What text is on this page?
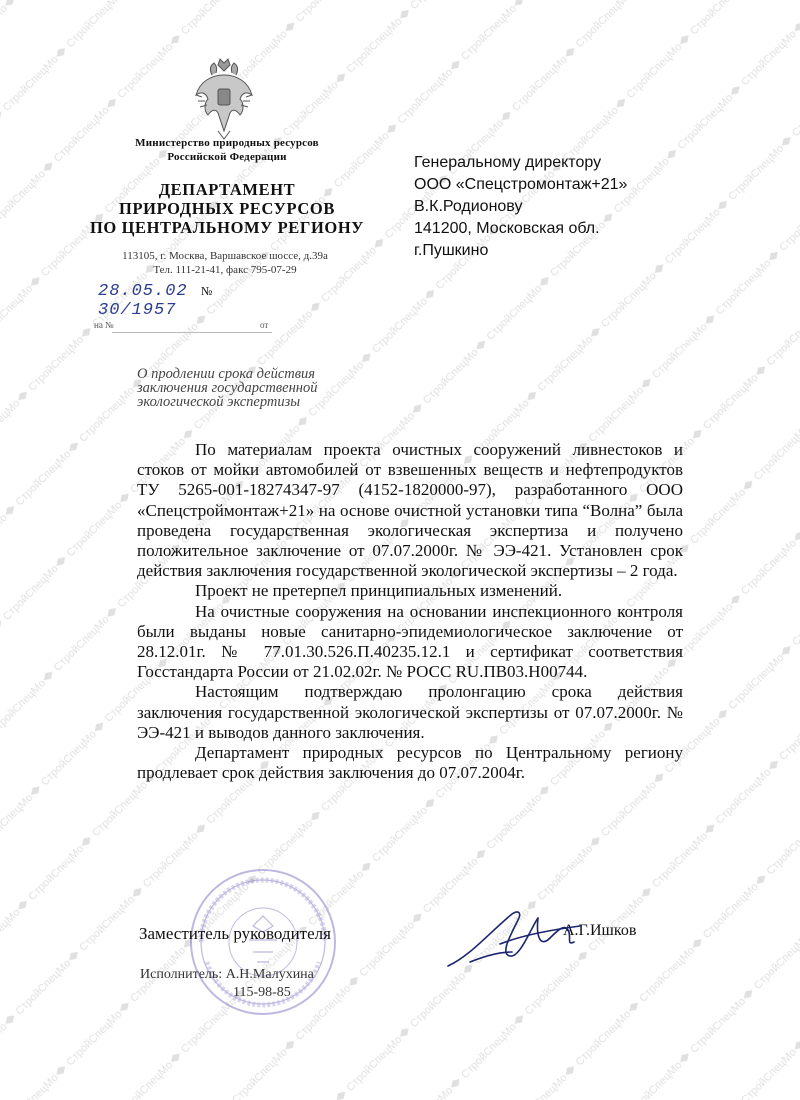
Министерство природных ресурсов
Российской Федерации
ДЕПАРТАМЕНТ
ПРИРОДНЫХ РЕСУРСОВ
ПО ЦЕНТРАЛЬНОМУ РЕГИОНУ
113105, г. Москва, Варшавское шоссе, д.39а
Тел. 111-21-41, факс 795-07-29
28.05.02 № 30/1957
на №	от
Генеральному директору
ООО «Спецстромонтаж+21»
В.К.Родионову
141200, Московская обл.
г.Пушкино
О продлении срока действия
заключения государственной
экологической экспертизы

По материалам проекта очистных сооружений ливнестоков и стоков от мойки автомобилей от взвешенных веществ и нефтепродуктов ТУ 5265-001-18274347-97 (4152-1820000-97), разработанного ООО «Спецстроймонтаж+21» на основе очистной установки типа “Волна” была проведена государственная экологическая экспертиза и получено положительное заключение от 07.07.2000г. № ЭЭ-421. Установлен срок действия заключения государственной экологической экспертизы – 2 года.

Проект не претерпел принципиальных изменений.

На очистные сооружения на основании инспекционного контроля были выданы новые санитарно-эпидемиологическое заключение от 28.12.01г. № 77.01.30.526.П.40235.12.1 и сертификат соответствия Госстандарта России от 21.02.02г. № РОСС RU.ПВ03.Н00744.

Настоящим подтверждаю пролонгацию срока действия заключения государственной экологической экспертизы от 07.07.2000г. № ЭЭ-421 и выводов данного заключения.

Департамент природных ресурсов по Центральному региону продлевает срок действия заключения до 07.07.2004г.

Заместитель руководителя	А.Г.Ишков
Исполнитель: А.Н.Малухина
115-98-85
